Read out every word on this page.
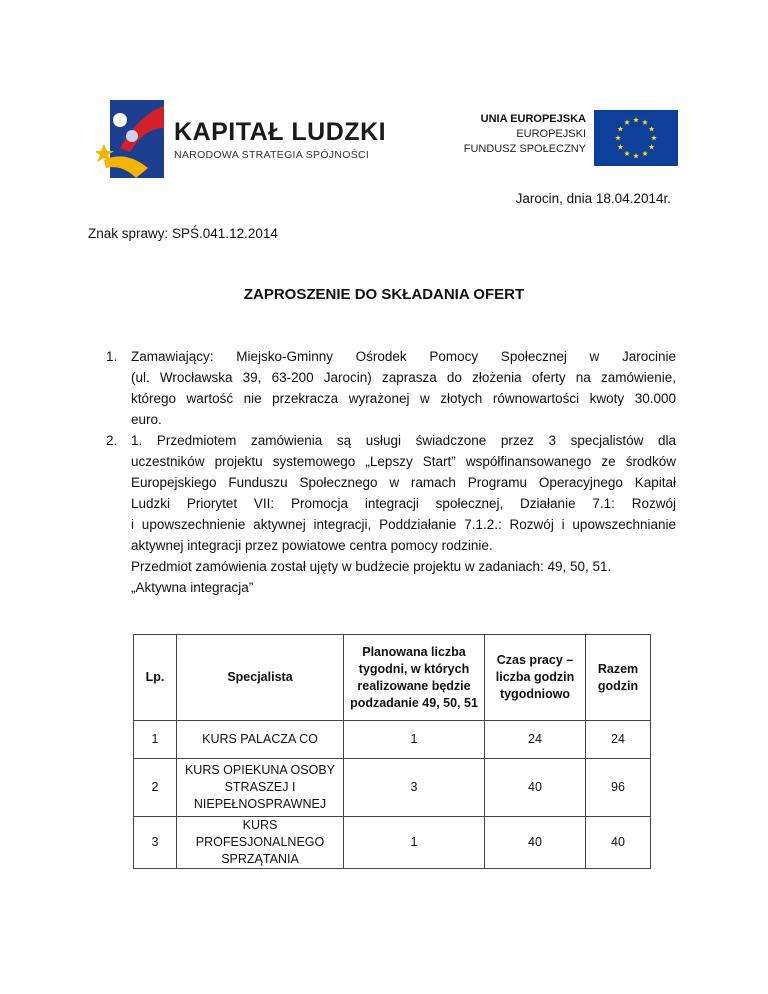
KAPITAŁ LUDZKI
NARODOWA STRATEGIA SPÓJNOŚCI
UNIA EUROPEJSKA
EUROPEJSKI
FUNDUSZ SPOŁECZNY
Jarocin, dnia 18.04.2014r.
Znak sprawy: SPŚ.041.12.2014
ZAPROSZENIE DO SKŁADANIA OFERT
1. Zamawiający: Miejsko-Gminny Ośrodek Pomocy Społecznej w Jarocinie

(ul. Wrocławska 39, 63-200 Jarocin) zaprasza do złożenia oferty na zamówienie,

którego wartość nie przekracza wyrażonej w złotych równowartości kwoty 30.000

euro.

2. 1. Przedmiotem zamówienia są usługi świadczone przez 3 specjalistów dla

uczestników projektu systemowego „Lepszy Start” współfinansowanego ze środków

Europejskiego Funduszu Społecznego w ramach Programu Operacyjnego Kapitał

Ludzki Priorytet VII: Promocja integracji społecznej, Działanie 7.1: Rozwój

i upowszechnienie aktywnej integracji, Poddziałanie 7.1.2.: Rozwój i upowszechnianie

aktywnej integracji przez powiatowe centra pomocy rodzinie.

Przedmiot zamówienia został ujęty w budżecie projektu w zadaniach: 49, 50, 51.

„Aktywna integracja”

Lp.	Specjalista	Planowana liczba tygodni, w których realizowane będzie podzadanie 49, 50, 51	Czas pracy – liczba godzin tygodniowo	Razem godzin
1	KURS PALACZA CO	1	24	24
2	KURS OPIEKUNA OSOBY STRASZEJ I NIEPEŁNOSPRAWNEJ	3	40	96
3	KURS PROFESJONALNEGO SPRZĄTANIA	1	40	40
